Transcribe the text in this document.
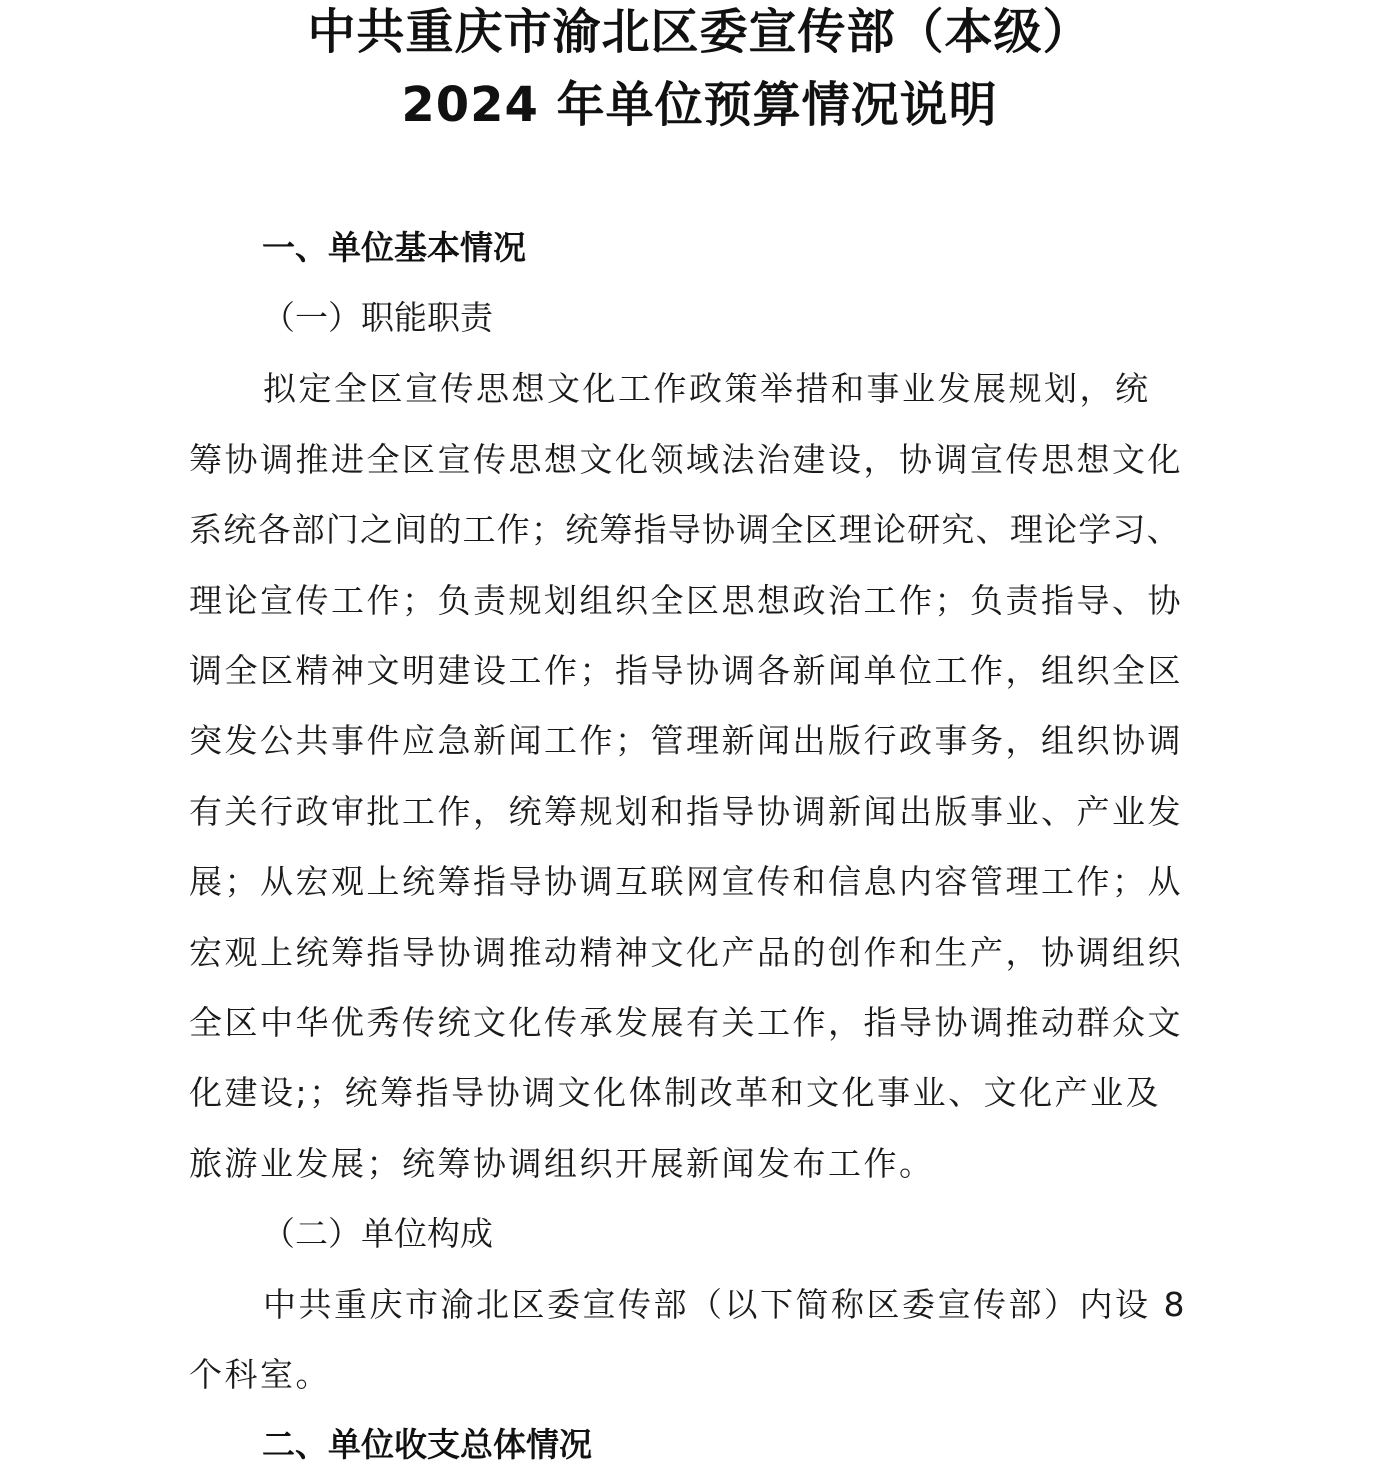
中共重庆市渝北区委宣传部（本级）
2024 年单位预算情况说明
一、单位基本情况
（一）职能职责
拟定全区宣传思想文化工作政策举措和事业发展规划，统
筹协调推进全区宣传思想文化领域法治建设，协调宣传思想文化
系统各部门之间的工作；统筹指导协调全区理论研究、理论学习、
理论宣传工作；负责规划组织全区思想政治工作；负责指导、协
调全区精神文明建设工作；指导协调各新闻单位工作，组织全区
突发公共事件应急新闻工作；管理新闻出版行政事务，组织协调
有关行政审批工作，统筹规划和指导协调新闻出版事业、产业发
展；从宏观上统筹指导协调互联网宣传和信息内容管理工作；从
宏观上统筹指导协调推动精神文化产品的创作和生产，协调组织
全区中华优秀传统文化传承发展有关工作，指导协调推动群众文
化建设;；统筹指导协调文化体制改革和文化事业、文化产业及
旅游业发展；统筹协调组织开展新闻发布工作。
（二）单位构成
中共重庆市渝北区委宣传部（以下简称区委宣传部）内设 8
个科室。
二、单位收支总体情况
